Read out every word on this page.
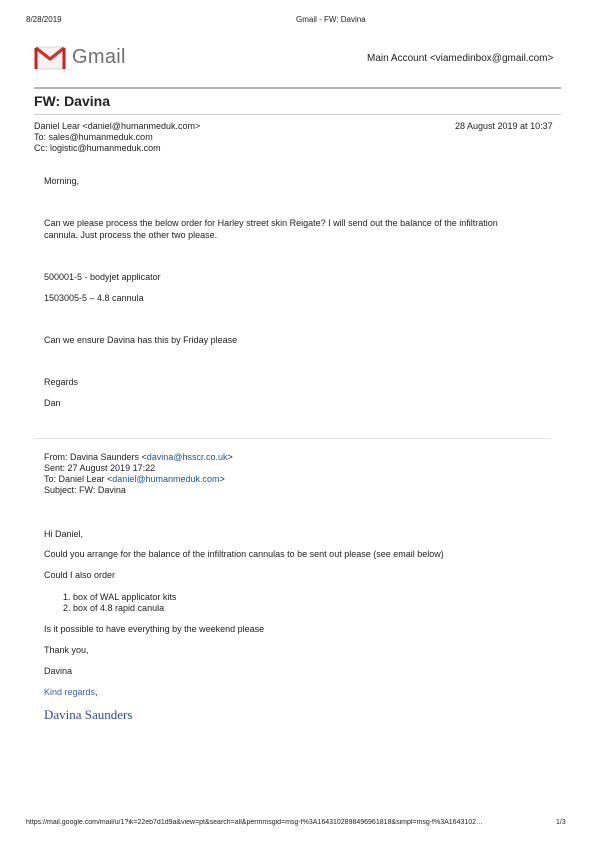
8/28/2019	Gmail - FW: Davina
Gmail	Main Account <viamedinbox@gmail.com>
FW: Davina
Daniel Lear <daniel@humanmeduk.com>	28 August 2019 at 10:37
To: sales@humanmeduk.com
Cc: logistic@humanmeduk.com
Morning,
Can we please process the below order for Harley street skin Reigate? I will send out the balance of the infiltration
cannula. Just process the other two please.
500001-5 - bodyjet applicator
1503005-5 – 4.8 cannula
Can we ensure Davina has this by Friday please
Regards
Dan
From: Davina Saunders <davina@hsscr.co.uk>
Sent: 27 August 2019 17:22
To: Daniel Lear <daniel@humanmeduk.com>
Subject: FW: Davina
Hi Daniel,
Could you arrange for the balance of the infiltration cannulas to be sent out please (see email below)
Could I also order
1. box of WAL applicator kits
2. box of 4.8 rapid canula
Is it possible to have everything by the weekend please
Thank you,
Davina
Kind regards,
Davina Saunders
https://mail.google.com/mail/u/1?ik=22eb7d1d9a&view=pt&search=all&permmsgid=msg-f%3A1643102898496961818&simpl=msg-f%3A1643102…	1/3
